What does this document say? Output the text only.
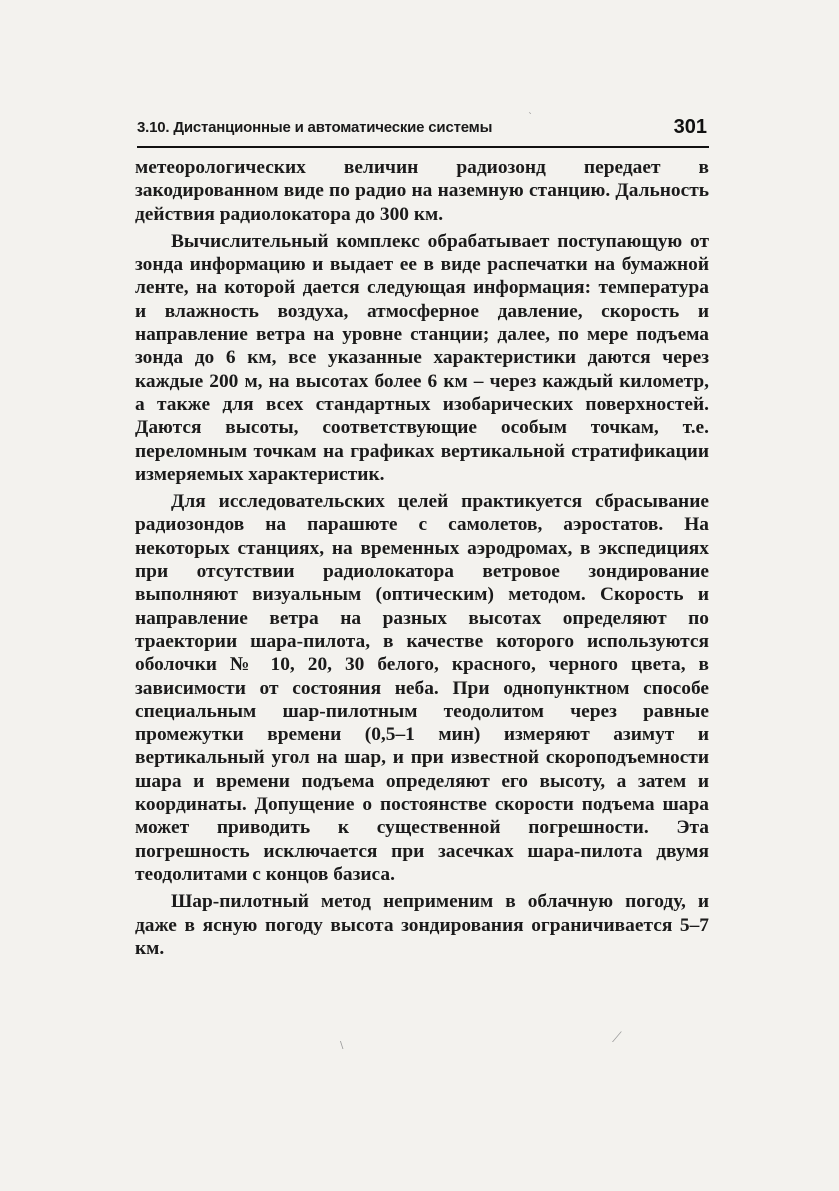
3.10. Дистанционные и автоматические системы	301

метеорологических величин радиозонд передает в закодированном виде по радио на наземную станцию. Дальность действия радиолокатора до 300 км.

Вычислительный комплекс обрабатывает поступающую от зонда информацию и выдает ее в виде распечатки на бумажной ленте, на которой дается следующая информация: температура и влажность воздуха, атмосферное давление, скорость и направление ветра на уровне станции; далее, по мере подъема зонда до 6 км, все указанные характеристики даются через каждые 200 м, на высотах более 6 км – через каждый километр, а также для всех стандартных изобарических поверхностей. Даются высоты, соответствующие особым точкам, т.е. переломным точкам на графиках вертикальной стратификации измеряемых характеристик.

Для исследовательских целей практикуется сбрасывание радиозондов на парашюте с самолетов, аэростатов. На некоторых станциях, на временных аэродромах, в экспедициях при отсутствии радиолокатора ветровое зондирование выполняют визуальным (оптическим) методом. Скорость и направление ветра на разных высотах определяют по траектории шара-пилота, в качестве которого используются оболочки № 10, 20, 30 белого, красного, черного цвета, в зависимости от состояния неба. При однопунктном способе специальным шар-пилотным теодолитом через равные промежутки времени (0,5–1 мин) измеряют азимут и вертикальный угол на шар, и при известной скороподъемности шара и времени подъема определяют его высоту, а затем и координаты. Допущение о постоянстве скорости подъема шара может приводить к существенной погрешности. Эта погрешность исключается при засечках шара-пилота двумя теодолитами с концов базиса.

Шар-пилотный метод неприменим в облачную погоду, и даже в ясную погоду высота зондирования ограничивается 5–7 км.

⟋
\
ˋ
